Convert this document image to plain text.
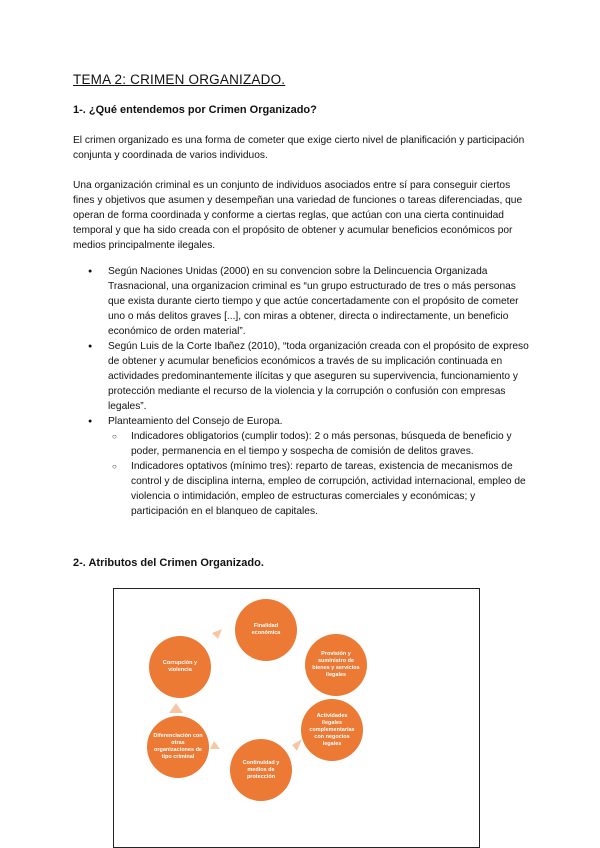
TEMA 2: CRIMEN ORGANIZADO.
1-. ¿Qué entendemos por Crimen Organizado?

El crimen organizado es una forma de cometer que exige cierto nivel de planificación y participación conjunta y coordinada de varios individuos.

Una organización criminal es un conjunto de individuos asociados entre sí para conseguir ciertos fines y objetivos que asumen y desempeñan una variedad de funciones o tareas diferenciadas, que operan de forma coordinada y conforme a ciertas reglas, que actúan con una cierta continuidad temporal y que ha sido creada con el propósito de obtener y acumular beneficios económicos por medios principalmente ilegales.

● Según Naciones Unidas (2000) en su convencion sobre la Delincuencia Organizada Trasnacional, una organizacion criminal es “un grupo estructurado de tres o más personas que exista durante cierto tiempo y que actúe concertadamente con el propósito de cometer uno o más delitos graves [...], con miras a obtener, directa o indirectamente, un beneficio económico de orden material”.
● Según Luis de la Corte Ibañez (2010), “toda organización creada con el propósito de expreso de obtener y acumular beneficios económicos a través de su implicación continuada en actividades predominantemente ilícitas y que aseguren su supervivencia, funcionamiento y protección mediante el recurso de la violencia y la corrupción o confusión con empresas legales”.
● Planteamiento del Consejo de Europa.
○ Indicadores obligatorios (cumplir todos): 2 o más personas, búsqueda de beneficio y poder, permanencia en el tiempo y sospecha de comisión de delitos graves.
○ Indicadores optativos (mínimo tres): reparto de tareas, existencia de mecanismos de control y de disciplina interna, empleo de corrupción, actividad internacional, empleo de violencia o intimidación, empleo de estructuras comerciales y económicas; y participación en el blanqueo de capitales.
2-. Atributos del Crimen Organizado.
Finalidad económica
Provisión y suministro de bienes y servicios ilegales
Actividades ilegales complementarias con negocios legales
Continuidad y medios de protección
Diferenciación con otras organizaciones de tipo criminal
Corrupción y violencia
